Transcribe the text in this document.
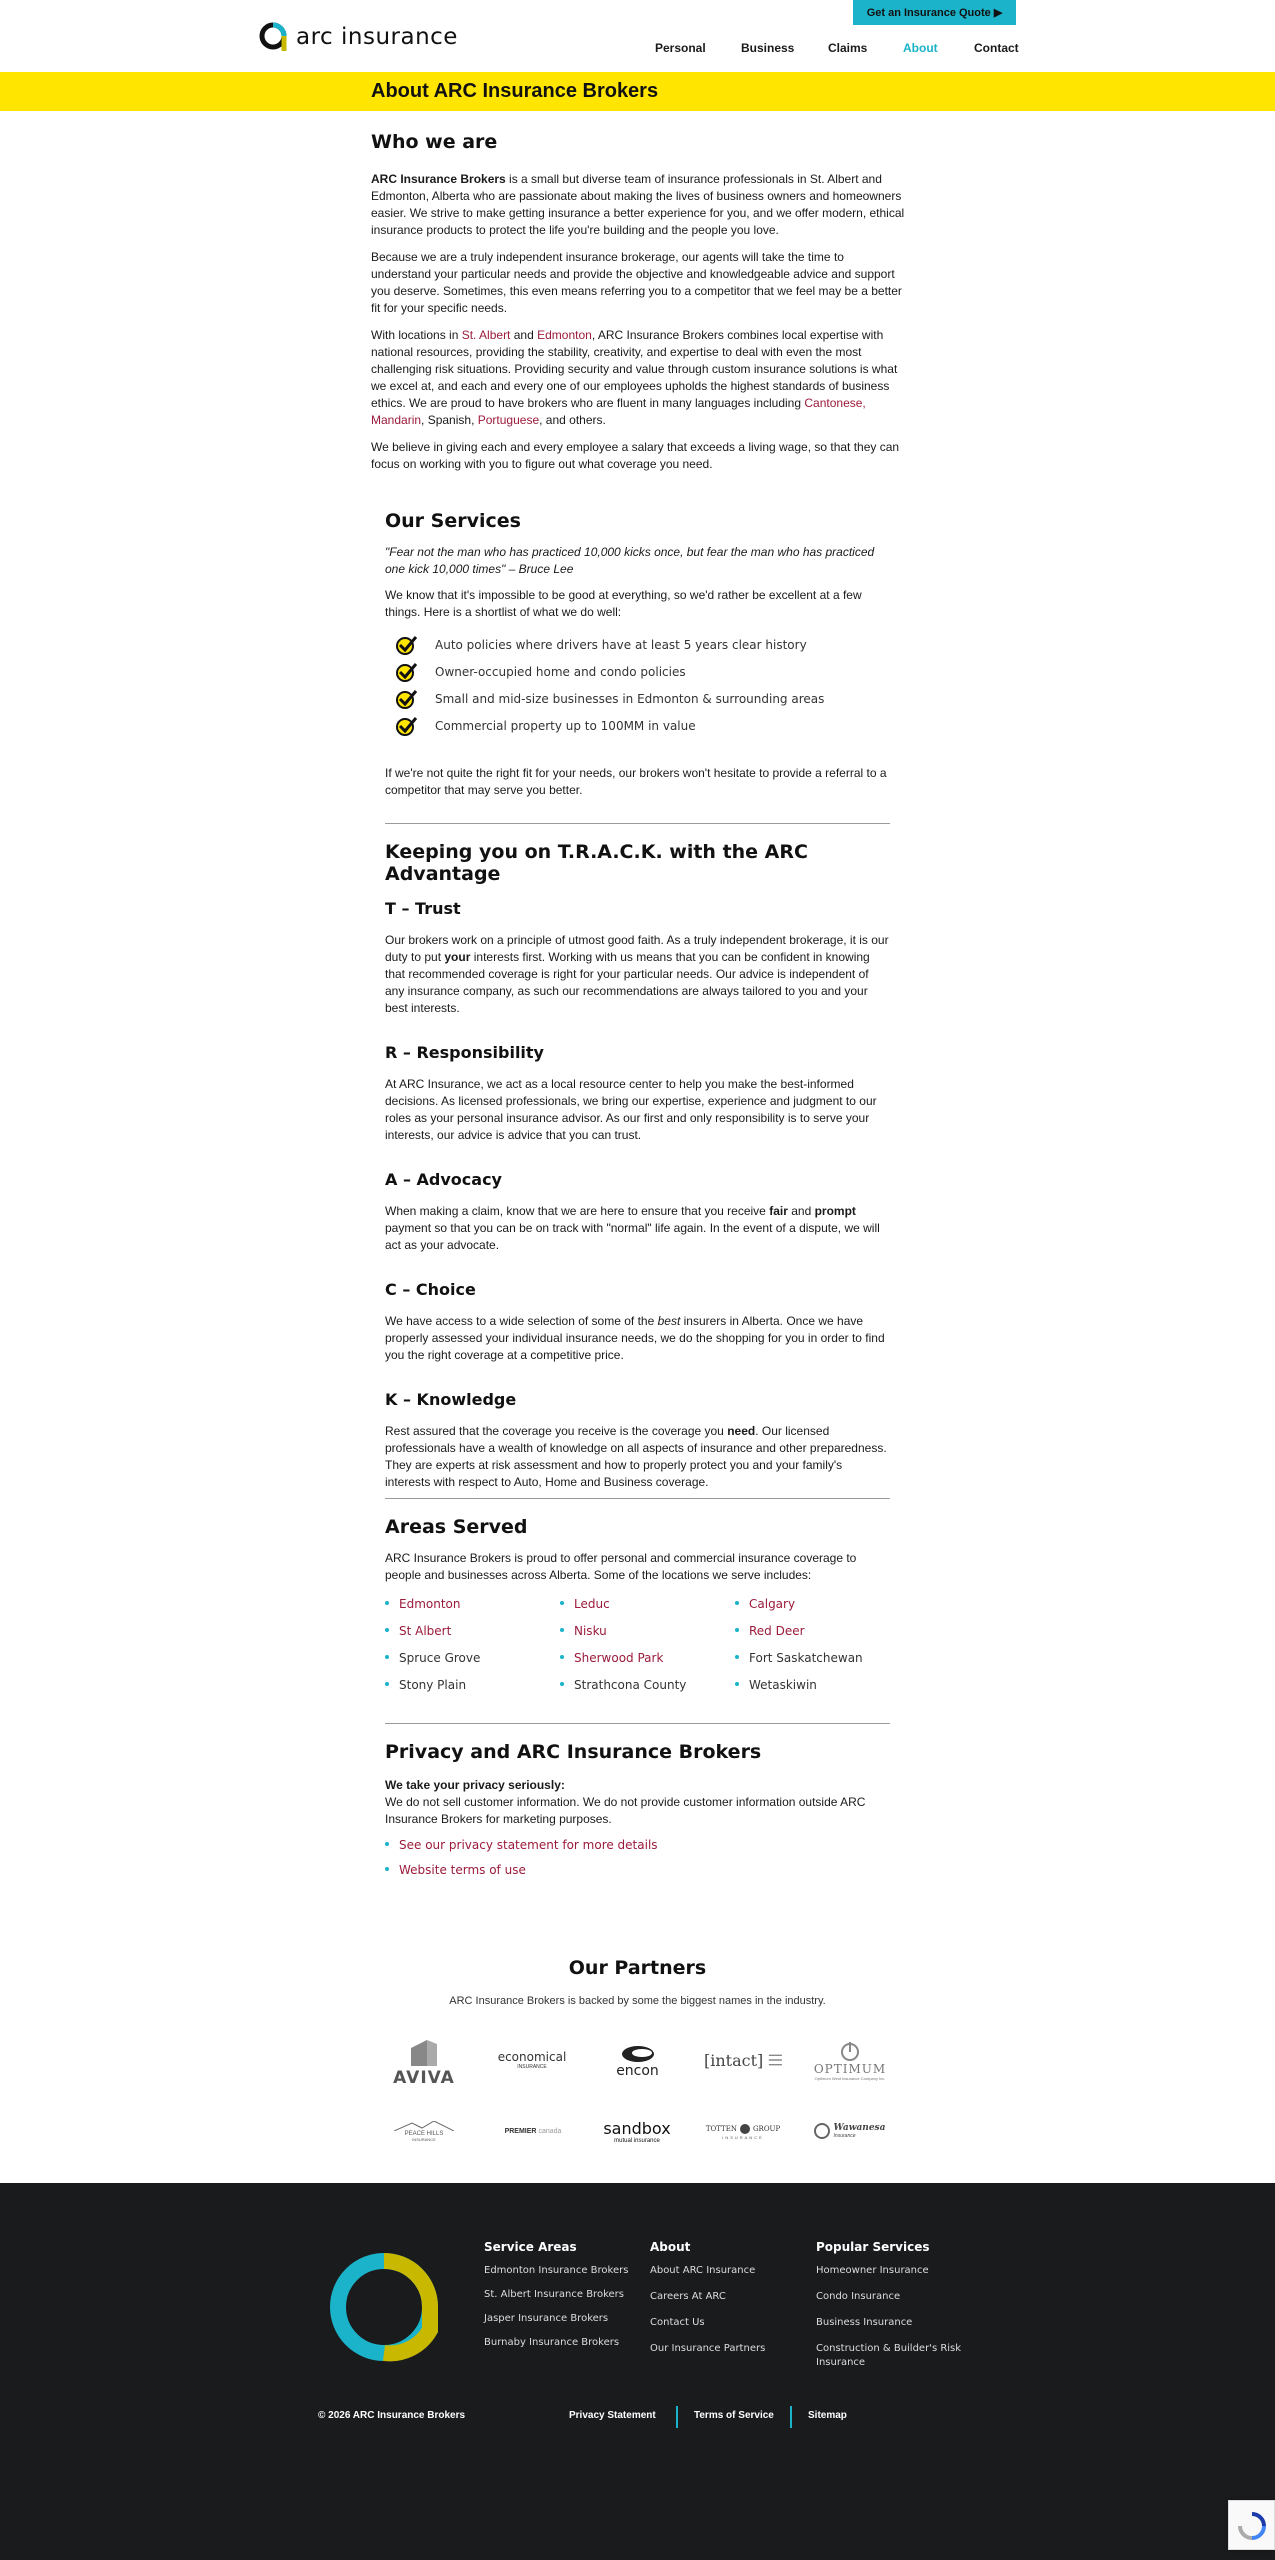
arc insurance
Get an Insurance Quote ▶
Personal	Business	Claims	About	Contact
About ARC Insurance Brokers
Who we are

ARC Insurance Brokers is a small but diverse team of insurance professionals in St. Albert and Edmonton, Alberta who are passionate about making the lives of business owners and homeowners easier. We strive to make getting insurance a better experience for you, and we offer modern, ethical insurance products to protect the life you're building and the people you love.

Because we are a truly independent insurance brokerage, our agents will take the time to understand your particular needs and provide the objective and knowledgeable advice and support you deserve. Sometimes, this even means referring you to a competitor that we feel may be a better fit for your specific needs.

With locations in St. Albert and Edmonton, ARC Insurance Brokers combines local expertise with national resources, providing the stability, creativity, and expertise to deal with even the most challenging risk situations. Providing security and value through custom insurance solutions is what we excel at, and each and every one of our employees upholds the highest standards of business ethics. We are proud to have brokers who are fluent in many languages including Cantonese, Mandarin, Spanish, Portuguese, and others.

We believe in giving each and every employee a salary that exceeds a living wage, so that they can focus on working with you to figure out what coverage you need.

Our Services

"Fear not the man who has practiced 10,000 kicks once, but fear the man who has practiced one kick 10,000 times" – Bruce Lee

We know that it's impossible to be good at everything, so we'd rather be excellent at a few things. Here is a shortlist of what we do well:

Auto policies where drivers have at least 5 years clear history
Owner-occupied home and condo policies
Small and mid-size businesses in Edmonton & surrounding areas
Commercial property up to 100MM in value

If we're not quite the right fit for your needs, our brokers won't hesitate to provide a referral to a competitor that may serve you better.

Keeping you on T.R.A.C.K. with the ARC Advantage
T – Trust

Our brokers work on a principle of utmost good faith. As a truly independent brokerage, it is our duty to put your interests first. Working with us means that you can be confident in knowing that recommended coverage is right for your particular needs. Our advice is independent of any insurance company, as such our recommendations are always tailored to you and your best interests.

R – Responsibility

At ARC Insurance, we act as a local resource center to help you make the best-informed decisions. As licensed professionals, we bring our expertise, experience and judgment to our roles as your personal insurance advisor. As our first and only responsibility is to serve your interests, our advice is advice that you can trust.

A – Advocacy

When making a claim, know that we are here to ensure that you receive fair and prompt payment so that you can be on track with "normal" life again. In the event of a dispute, we will act as your advocate.

C – Choice

We have access to a wide selection of some of the best insurers in Alberta. Once we have properly assessed your individual insurance needs, we do the shopping for you in order to find you the right coverage at a competitive price.

K – Knowledge

Rest assured that the coverage you receive is the coverage you need. Our licensed professionals have a wealth of knowledge on all aspects of insurance and other preparedness. They are experts at risk assessment and how to properly protect you and your family's interests with respect to Auto, Home and Business coverage.

Areas Served

ARC Insurance Brokers is proud to offer personal and commercial insurance coverage to people and businesses across Alberta. Some of the locations we serve includes:

Edmonton	Leduc	Calgary
St Albert	Nisku	Red Deer
Spruce Grove	Sherwood Park	Fort Saskatchewan
Stony Plain	Strathcona County	Wetaskiwin
Privacy and ARC Insurance Brokers

We take your privacy seriously:

We do not sell customer information. We do not provide customer information outside ARC Insurance Brokers for marketing purposes.

See our privacy statement for more details
Website terms of use
Our Partners
ARC Insurance Brokers is backed by some the biggest names in the industry.
AVIVA
economical
INSURANCE	encon
[intact]	OPTIMUM
Optimum West Insurance Company Inc.
PEACE HILLS
INSURANCE
PREMIER canada	sandbox
mutual insurance
TOTTEN GROUP
INSURANCE
Wawanesa
Insurance
Service Areas
Edmonton Insurance Brokers
St. Albert Insurance Brokers
Jasper Insurance Brokers
Burnaby Insurance Brokers
About
About ARC Insurance
Careers At ARC
Contact Us
Our Insurance Partners
Popular Services
Homeowner Insurance
Condo Insurance
Business Insurance
Construction & Builder's Risk Insurance
© 2026 ARC Insurance Brokers	Privacy Statement	Terms of Service	Sitemap
